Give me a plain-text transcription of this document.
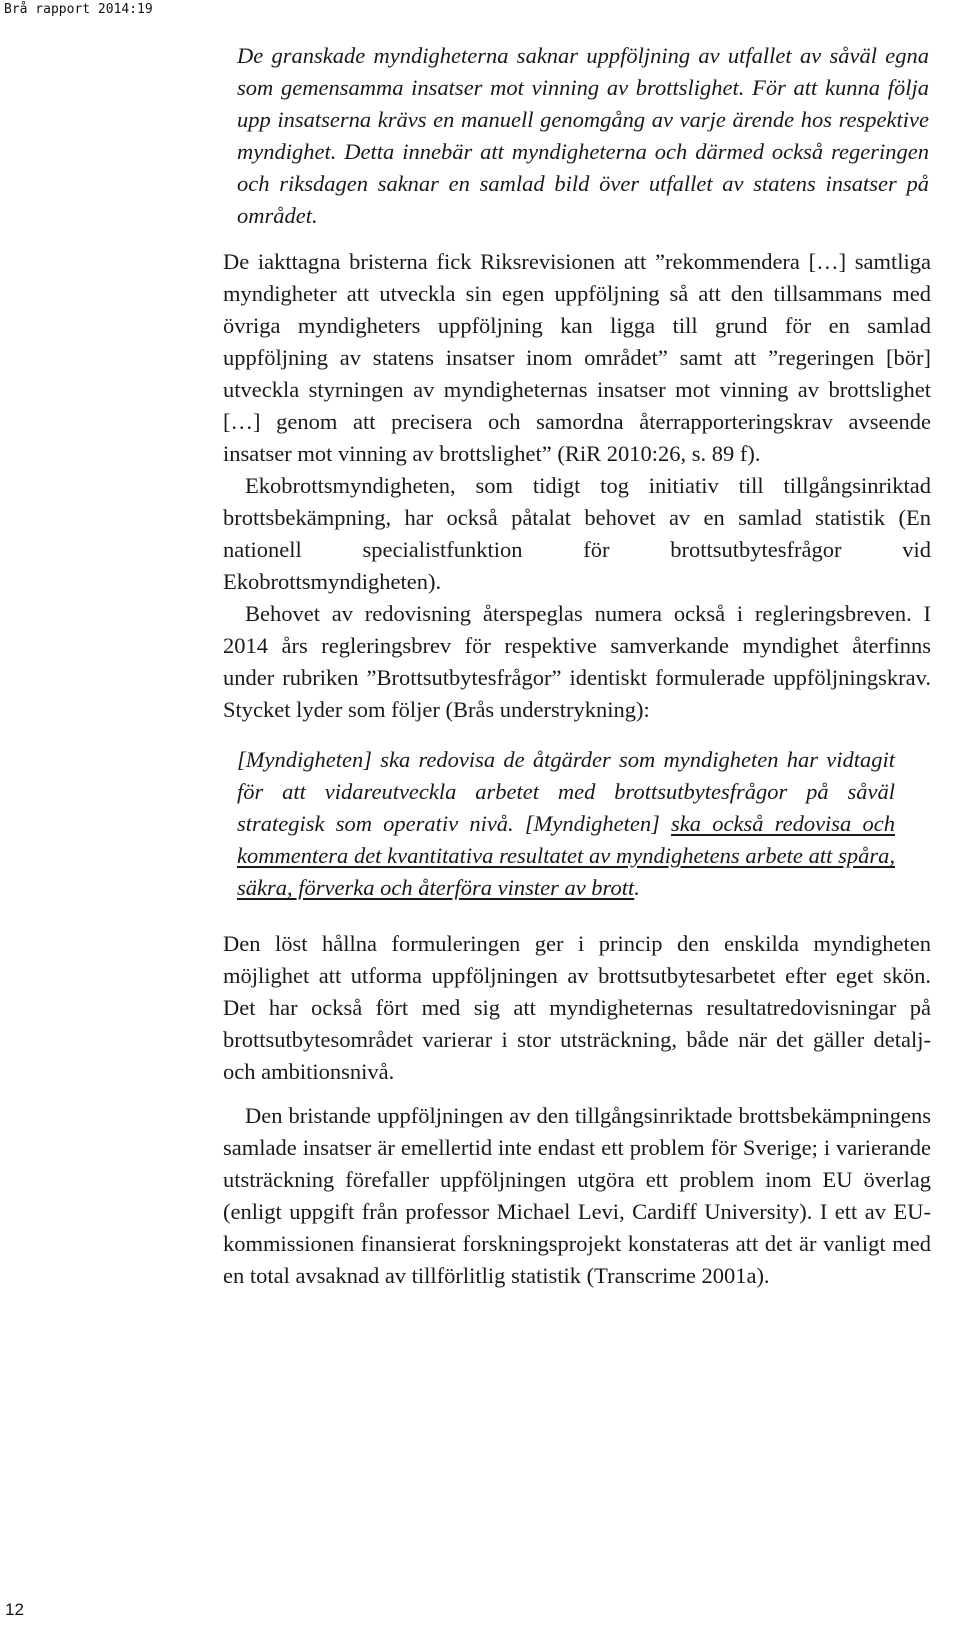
Brå rapport 2014:19

De granskade myndigheterna saknar uppföljning av utfallet av såväl egna som gemensamma insatser mot vinning av brottslighet. För att kunna följa upp insatserna krävs en manuell genomgång av varje ärende hos respektive myndighet. Detta innebär att myndigheterna och därmed också regeringen och riksdagen saknar en samlad bild över utfallet av statens insatser på området.

De iakttagna bristerna fick Riksrevisionen att ”rekommendera […] samtliga myndigheter att utveckla sin egen uppföljning så att den tillsammans med övriga myndigheters uppföljning kan ligga till grund för en samlad uppföljning av statens insatser inom området” samt att ”regeringen [bör] utveckla styrningen av myndigheternas insatser mot vinning av brottslighet […] genom att precisera och samordna återrapporteringskrav avseende insatser mot vinning av brottslighet” (RiR 2010:26, s. 89 f).

Ekobrottsmyndigheten, som tidigt tog initiativ till tillgångsinriktad brottsbekämpning, har också påtalat behovet av en samlad statistik (En nationell specialistfunktion för brottsutbytesfrågor vid Ekobrottsmyndigheten).

Behovet av redovisning återspeglas numera också i regleringsbreven. I 2014 års regleringsbrev för respektive samverkande myndighet återfinns under rubriken ”Brottsutbytesfrågor” identiskt formulerade uppföljningskrav. Stycket lyder som följer (Brås understrykning):

[Myndigheten] ska redovisa de åtgärder som myndigheten har vidtagit för att vidareutveckla arbetet med brottsutbytesfrågor på såväl strategisk som operativ nivå. [Myndigheten] ska också redovisa och kommentera det kvantitativa resultatet av myndighetens arbete att spåra, säkra, förverka och återföra vinster av brott.

Den löst hållna formuleringen ger i princip den enskilda myndigheten möjlighet att utforma uppföljningen av brottsutbytesarbetet efter eget skön. Det har också fört med sig att myndigheternas resultatredovisningar på brottsutbytesområdet varierar i stor utsträckning, både när det gäller detalj- och ambitionsnivå.

Den bristande uppföljningen av den tillgångsinriktade brottsbekämpningens samlade insatser är emellertid inte endast ett problem för Sverige; i varierande utsträckning förefaller uppföljningen utgöra ett problem inom EU överlag (enligt uppgift från professor Michael Levi, Cardiff University). I ett av EU-kommissionen finansierat forskningsprojekt konstateras att det är vanligt med en total avsaknad av tillförlitlig statistik (Transcrime 2001a).

12
